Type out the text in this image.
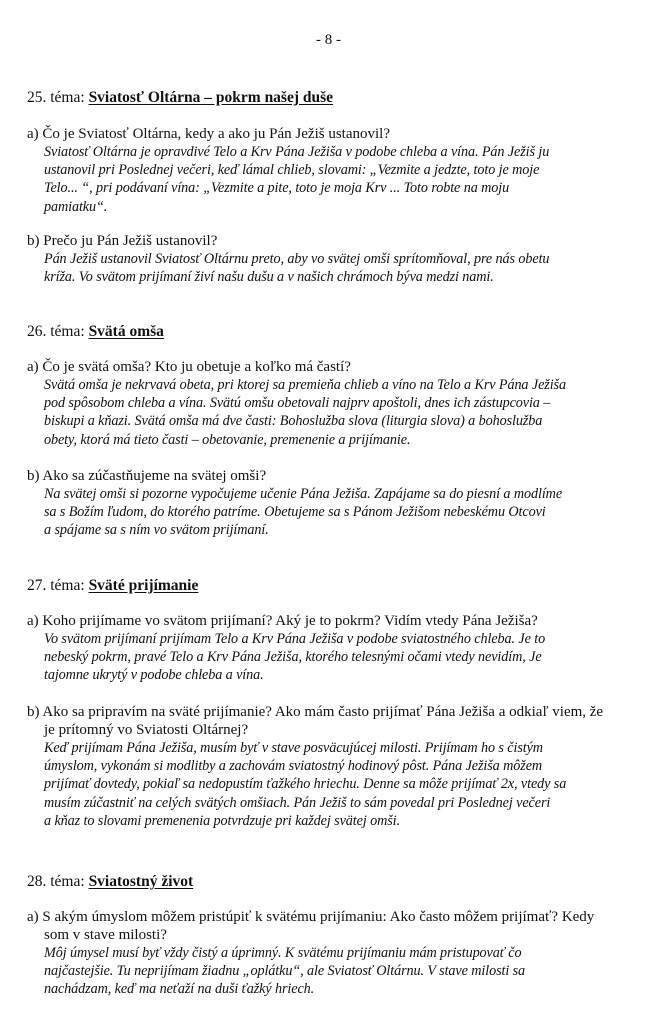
- 8 -
25. téma: Sviatosť Oltárna – pokrm našej duše
a) Čo je Sviatosť Oltárna, kedy a ako ju Pán Ježiš ustanovil?
Sviatosť Oltárna je opravdivé Telo a Krv Pána Ježiša v podobe chleba a vína. Pán Ježiš ju
ustanovil pri Poslednej večeri, keď lámal chlieb, slovami: „Vezmite a jedzte, toto je moje
Telo... “, pri podávaní vína: „Vezmite a pite, toto je moja Krv ... Toto robte na moju
pamiatku“.
b) Prečo ju Pán Ježiš ustanovil?
Pán Ježiš ustanovil Sviatosť Oltárnu preto, aby vo svätej omši sprítomňoval, pre nás obetu
kríža. Vo svätom prijímaní živí našu dušu a v našich chrámoch býva medzi nami.
26. téma: Svätá omša
a) Čo je svätá omša? Kto ju obetuje a koľko má častí?
Svätá omša je nekrvavá obeta, pri ktorej sa premieňa chlieb a víno na Telo a Krv Pána Ježiša
pod spôsobom chleba a vína. Svätú omšu obetovali najprv apoštoli, dnes ich zástupcovia –
biskupi a kňazi. Svätá omša má dve časti: Bohoslužba slova (liturgia slova) a bohoslužba
obety, ktorá má tieto časti – obetovanie, premenenie a prijímanie.
b) Ako sa zúčastňujeme na svätej omši?
Na svätej omši si pozorne vypočujeme učenie Pána Ježiša. Zapájame sa do piesní a modlíme
sa s Božím ľudom, do ktorého patríme. Obetujeme sa s Pánom Ježišom nebeskému Otcovi
a spájame sa s ním vo svätom prijímaní.
27. téma: Sväté prijímanie
a) Koho prijímame vo svätom prijímaní? Aký je to pokrm? Vidím vtedy Pána Ježiša?
Vo svätom prijímaní prijímam Telo a Krv Pána Ježiša v podobe sviatostného chleba. Je to
nebeský pokrm, pravé Telo a Krv Pána Ježiša, ktorého telesnými očami vtedy nevidím, Je
tajomne ukrytý v podobe chleba a vína.
b) Ako sa pripravím na sväté prijímanie? Ako mám často prijímať Pána Ježiša a odkiaľ viem, že
je prítomný vo Sviatosti Oltárnej?
Keď prijímam Pána Ježiša, musím byť v stave posväcujúcej milosti. Prijímam ho s čistým
úmyslom, vykonám si modlitby a zachovám sviatostný hodinový pôst. Pána Ježiša môžem
prijímať dovtedy, pokiaľ sa nedopustím ťažkého hriechu. Denne sa môže prijímať 2x, vtedy sa
musím zúčastniť na celých svätých omšiach. Pán Ježiš to sám povedal pri Poslednej večeri
a kňaz to slovami premenenia potvrdzuje pri každej svätej omši.
28. téma: Sviatostný život
a) S akým úmyslom môžem pristúpiť k svätému prijímaniu: Ako často môžem prijímať? Kedy
som v stave milosti?
Môj úmysel musí byť vždy čistý a úprimný. K svätému prijímaniu mám pristupovať čo
najčastejšie. Tu neprijímam žiadnu „oplátku“, ale Sviatosť Oltárnu. V stave milosti sa
nachádzam, keď ma neťaží na duši ťažký hriech.
